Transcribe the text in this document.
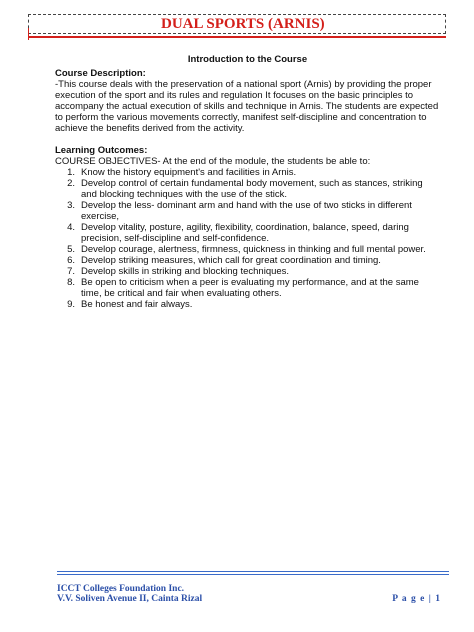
DUAL SPORTS (ARNIS)
Introduction to the Course
Course Description:
-This course deals with the preservation of a national sport (Arnis) by providing the proper execution of the sport and its rules and regulation It focuses on the basic principles to accompany the actual execution of skills and technique in Arnis. The students are expected to perform the various movements correctly, manifest self-discipline and concentration to achieve the benefits derived from the activity.
Learning Outcomes:
COURSE OBJECTIVES- At the end of the module, the students be able to:
1. Know the history equipment's and facilities in Arnis.
2. Develop control of certain fundamental body movement, such as stances, striking and blocking techniques with the use of the stick.
3. Develop the less- dominant arm and hand with the use of two sticks in different exercise,
4. Develop vitality, posture, agility, flexibility, coordination, balance, speed, daring precision, self-discipline and self-confidence.
5. Develop courage, alertness, firmness, quickness in thinking and full mental power.
6. Develop striking measures, which call for great coordination and timing.
7. Develop skills in striking and blocking techniques.
8. Be open to criticism when a peer is evaluating my performance, and at the same time, be critical and fair when evaluating others.
9. Be honest and fair always.
ICCT Colleges Foundation Inc.
V.V. Soliven Avenue II, Cainta Rizal	P a g e | 1
